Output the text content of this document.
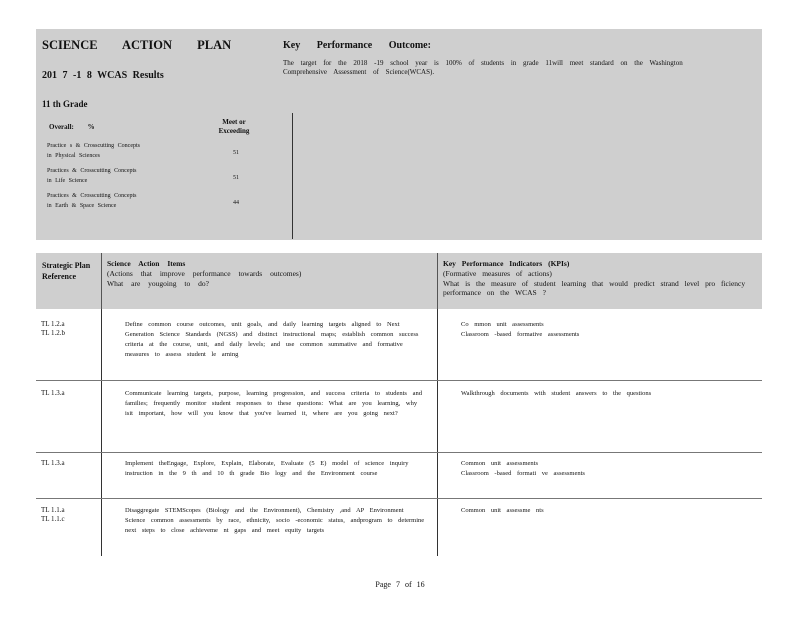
SCIENCE ACTION PLAN
201 7 -1 8 WCAS Results
11 th Grade
Overall: %
Meet or Exceeding
Practice s & Crosscutting Concepts
in Physical Sciences
51
Practices & Crosscutting Concepts
in Life Science
51
Practices & Crosscutting Concepts
in Earth & Space Science
44
Key Performance Outcome:
The target for the 2018 -19 school year is 100% of students in grade 11will meet standard on the Washington Comprehensive Assessment of Science(WCAS).
Strategic Plan Reference
Science Action Items
(Actions that improve performance towards outcomes)
What are yougoing to do?
Key Performance Indicators (KPIs)
(Formative measures of actions)
What is the measure of student learning that would predict strand level pro ficiency performance on the WCAS ?
TL 1.2.a
TL 1.2.b
Define common course outcomes, unit goals, and daily learning targets aligned to Next Generation Science Standards (NGSS) and distinct instructional maps; establish common success criteria at the course, unit, and daily levels; and use common summative and formative measures to assess student le arning
Co mmon unit assessments
Classroom -based formative assessments
TL 1.3.a	Communicate learning targets, purpose, learning progression, and success criteria to students and families; frequently monitor student responses to these questions: What are you learning, why isit important, how will you know that you've learned it, where are you going next?
Walkthrough documents with student answers to the questions
TL 1.3.a	Implement theEngage, Explore, Explain, Elaborate, Evaluate (5 E) model of science inquiry instruction in the 9 th and 10 th grade Bio logy and the Environment course
Common unit assessments
Classroom -based formati ve assessments
TL 1.1.a
TL 1.1.c
Disaggregate STEMScopes (Biology and the Environment), Chemistry ,and AP Environment Science common assessments by race, ethnicity, socio -economic status, andprogram to determine next steps to close achieveme nt gaps and meet equity targets
Common unit assessme nts
Page 7 of 16
